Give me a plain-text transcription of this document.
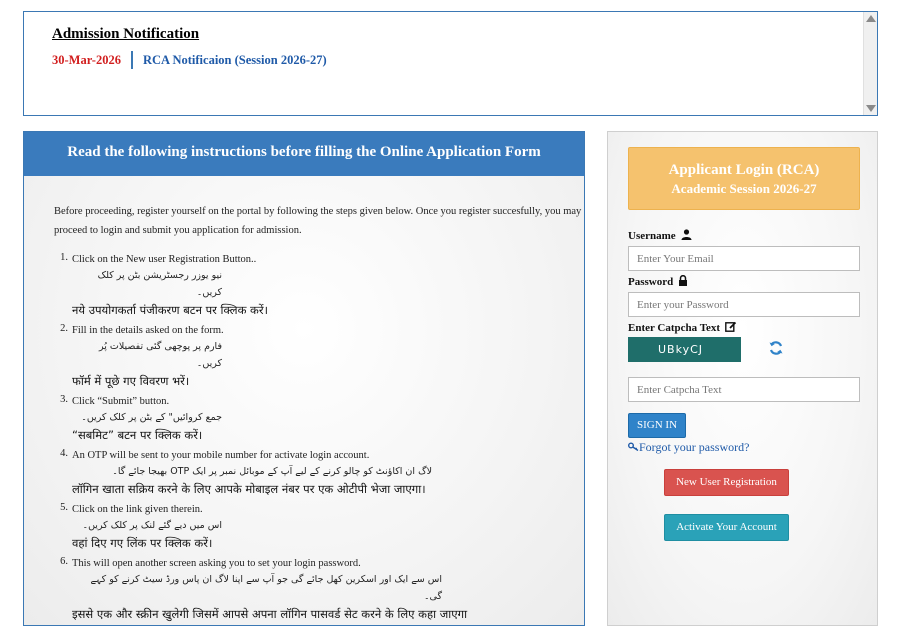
Admission Notification
30-Mar-2026	RCA Notificaion (Session 2026-27)
Read the following instructions before filling the Online Application Form

Before proceeding, register yourself on the portal by following the steps given below. Once you register succesfully, you may proceed to login and submit you application for admission.

1. Click on the New user Registration Button..
نیو یوزر رجسٹریشن بٹن پر کلک کریں۔
नये उपयोगकर्ता पंजीकरण बटन पर क्लिक करें।
2. Fill in the details asked on the form.
فارم پر پوچھی گئی تفصیلات پُر کریں۔
फॉर्म में पूछे गए विवरण भरें।
3. Click “Submit” button.
جمع کروائیں" کے بٹن پر کلک کریں۔
“सबमिट” बटन पर क्लिक करें।
4. An OTP will be sent to your mobile number for activate login account.
لاگ ان اکاؤنٹ کو چالو کرنے کے لیے آپ کے موبائل نمبر پر ایک OTP بھیجا جائے گا۔
लॉगिन खाता सक्रिय करने के लिए आपके मोबाइल नंबर पर एक ओटीपी भेजा जाएगा।
5. Click on the link given therein.
اس میں دیے گئے لنک پر کلک کریں۔
वहां दिए गए लिंक पर क्लिक करें।
6. This will open another screen asking you to set your login password.
اس سے ایک اور اسکرین کھل جائے گی جو آپ سے اپنا لاگ ان پاس ورڈ سیٹ کرنے کو کہے گی۔
इससे एक और स्क्रीन खुलेगी जिसमें आपसे अपना लॉगिन पासवर्ड सेट करने के लिए कहा जाएगा
Applicant Login (RCA)
Academic Session 2026-27
Username
Enter Your Email
Password
Enter Catpcha Text
UBkyCJ
Enter Catpcha Text
SIGN IN
Forgot your password?
New User Registration
Activate Your Account
